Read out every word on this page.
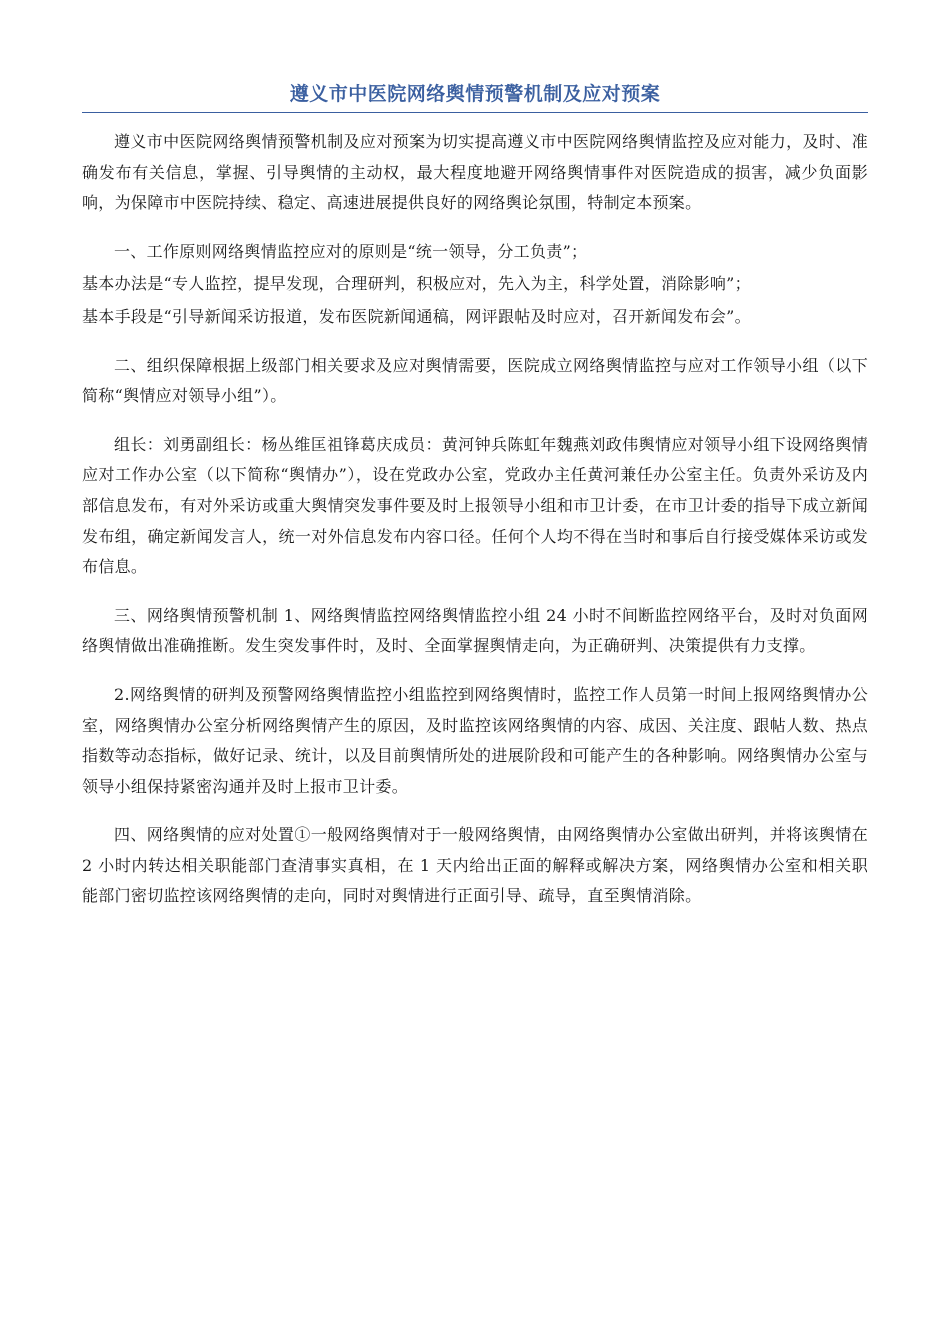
遵义市中医院网络舆情预警机制及应对预案

遵义市中医院网络舆情预警机制及应对预案为切实提高遵义市中医院网络舆情监控及应对能力，及时、准确发布有关信息，掌握、引导舆情的主动权，最大程度地避开网络舆情事件对医院造成的损害，减少负面影响，为保障市中医院持续、稳定、高速进展提供良好的网络舆论氛围，特制定本预案。

一、工作原则网络舆情监控应对的原则是“统一领导，分工负责”；

基本办法是“专人监控，提早发现，合理研判，积极应对，先入为主，科学处置，消除影响”；

基本手段是“引导新闻采访报道，发布医院新闻通稿，网评跟帖及时应对，召开新闻发布会”。

二、组织保障根据上级部门相关要求及应对舆情需要，医院成立网络舆情监控与应对工作领导小组（以下简称“舆情应对领导小组”）。

组长：刘勇副组长：杨丛维匡祖锋葛庆成员：黄河钟兵陈虹年魏燕刘政伟舆情应对领导小组下设网络舆情应对工作办公室（以下简称“舆情办”），设在党政办公室，党政办主任黄河兼任办公室主任。负责外采访及内部信息发布，有对外采访或重大舆情突发事件要及时上报领导小组和市卫计委，在市卫计委的指导下成立新闻发布组，确定新闻发言人，统一对外信息发布内容口径。任何个人均不得在当时和事后自行接受媒体采访或发布信息。

三、网络舆情预警机制 1、网络舆情监控网络舆情监控小组 24 小时不间断监控网络平台，及时对负面网络舆情做出准确推断。发生突发事件时，及时、全面掌握舆情走向，为正确研判、决策提供有力支撑。

2.网络舆情的研判及预警网络舆情监控小组监控到网络舆情时，监控工作人员第一时间上报网络舆情办公室，网络舆情办公室分析网络舆情产生的原因，及时监控该网络舆情的内容、成因、关注度、跟帖人数、热点指数等动态指标，做好记录、统计，以及目前舆情所处的进展阶段和可能产生的各种影响。网络舆情办公室与领导小组保持紧密沟通并及时上报市卫计委。

四、网络舆情的应对处置①一般网络舆情对于一般网络舆情，由网络舆情办公室做出研判，并将该舆情在 2 小时内转达相关职能部门查清事实真相，在 1 天内给出正面的解释或解决方案，网络舆情办公室和相关职能部门密切监控该网络舆情的走向，同时对舆情进行正面引导、疏导，直至舆情消除。
